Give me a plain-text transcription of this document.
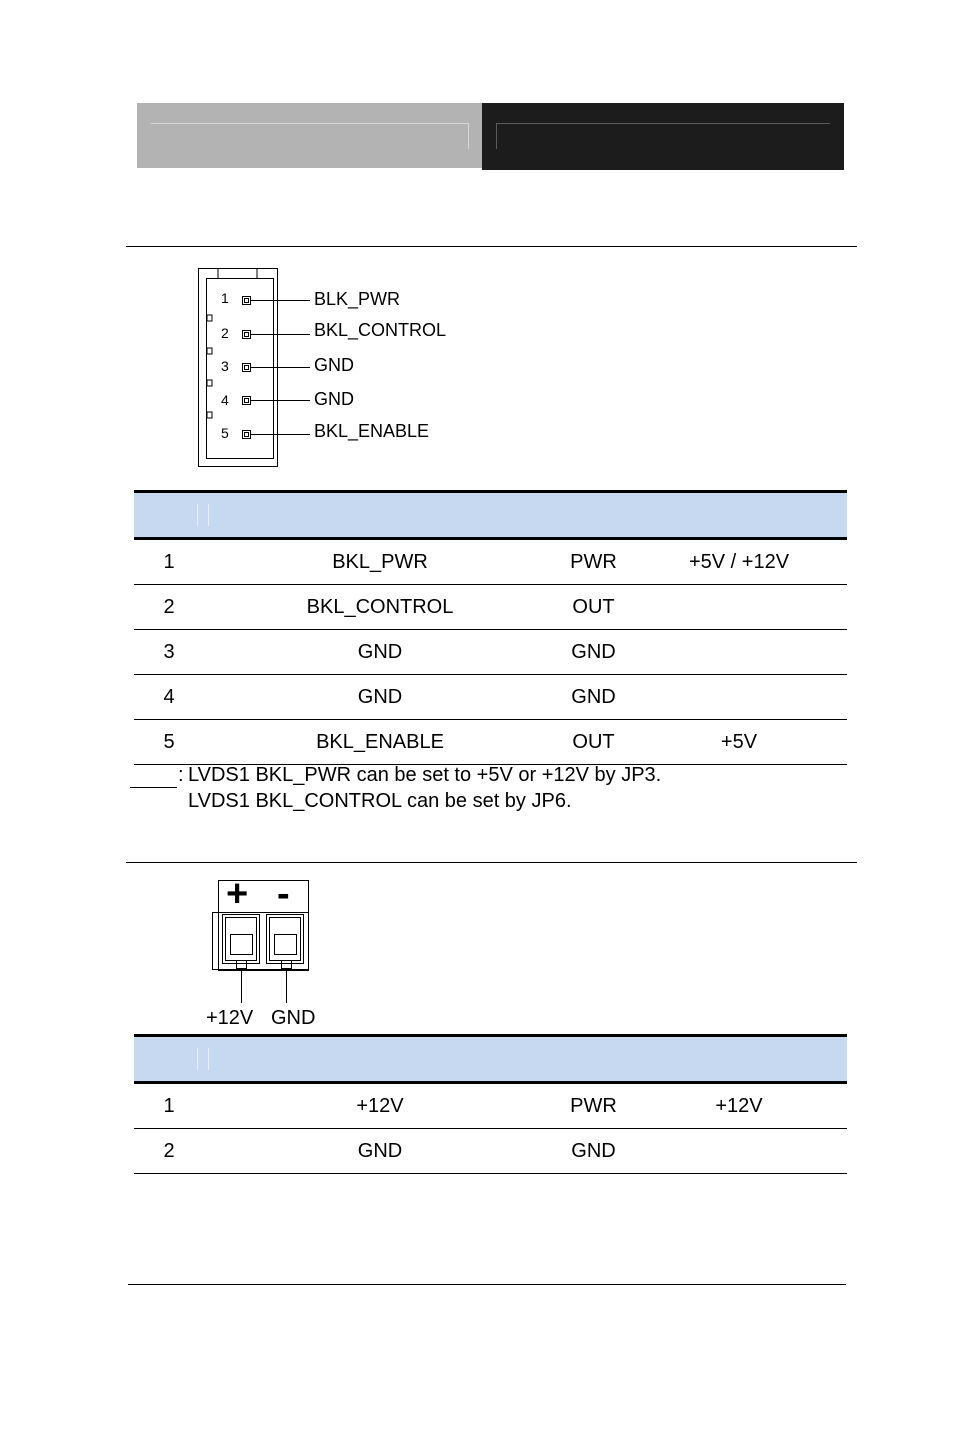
1
2
3
4
5
BLK_PWR
BKL_CONTROL
GND
GND
BKL_ENABLE

1	BKL_PWR	PWR	+5V / +12V
2	BKL_CONTROL	OUT	
3	GND	GND	
4	GND	GND	
5	BKL_ENABLE	OUT	+5V
: LVDS1 BKL_PWR can be set to +5V or +12V by JP3.
LVDS1 BKL_CONTROL can be set by JP6.
+ -
+12V GND

1	+12V	PWR	+12V
2	GND	GND	
